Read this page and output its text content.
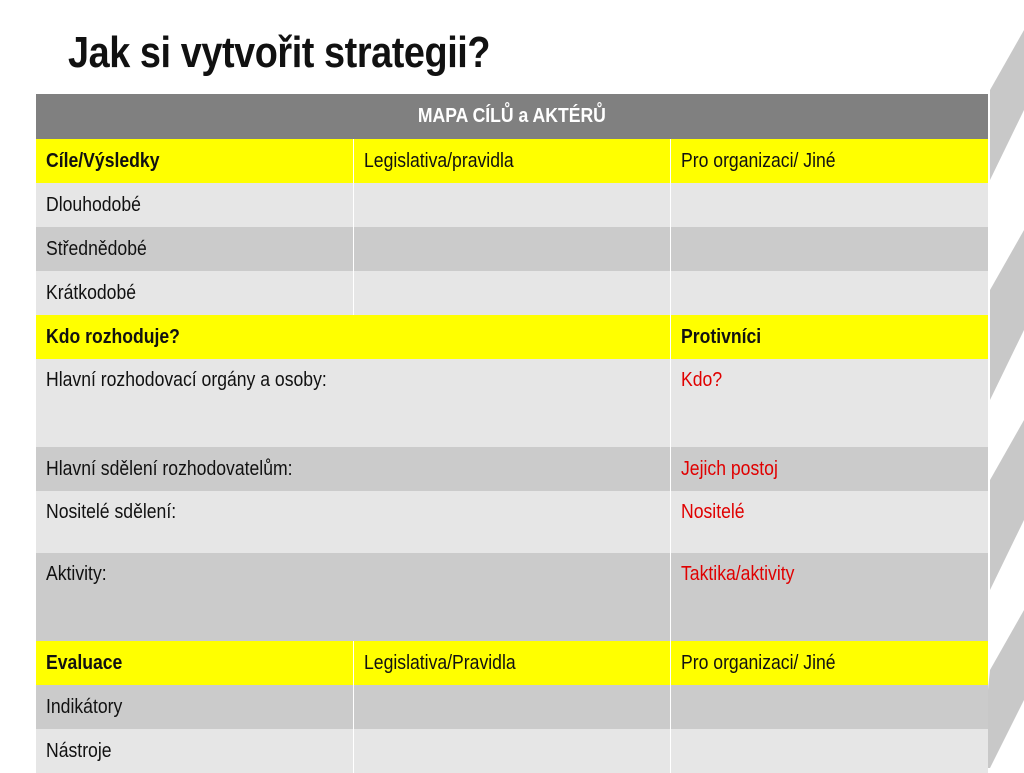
Jak si vytvořit strategii?
MAPA CÍLŮ a AKTÉRŮ		
Cíle/Výsledky	Legislativa/pravidla	Pro organizaci/ Jiné
Dlouhodobé		
Střednědobé		
Krátkodobé		
Kdo rozhoduje?		Protivníci
Hlavní rozhodovací orgány a osoby:		Kdo?
Hlavní sdělení rozhodovatelům:		Jejich postoj
Nositelé sdělení:		Nositelé
Aktivity:		Taktika/aktivity
Evaluace	Legislativa/Pravidla	Pro organizaci/ Jiné
Indikátory		
Nástroje		
